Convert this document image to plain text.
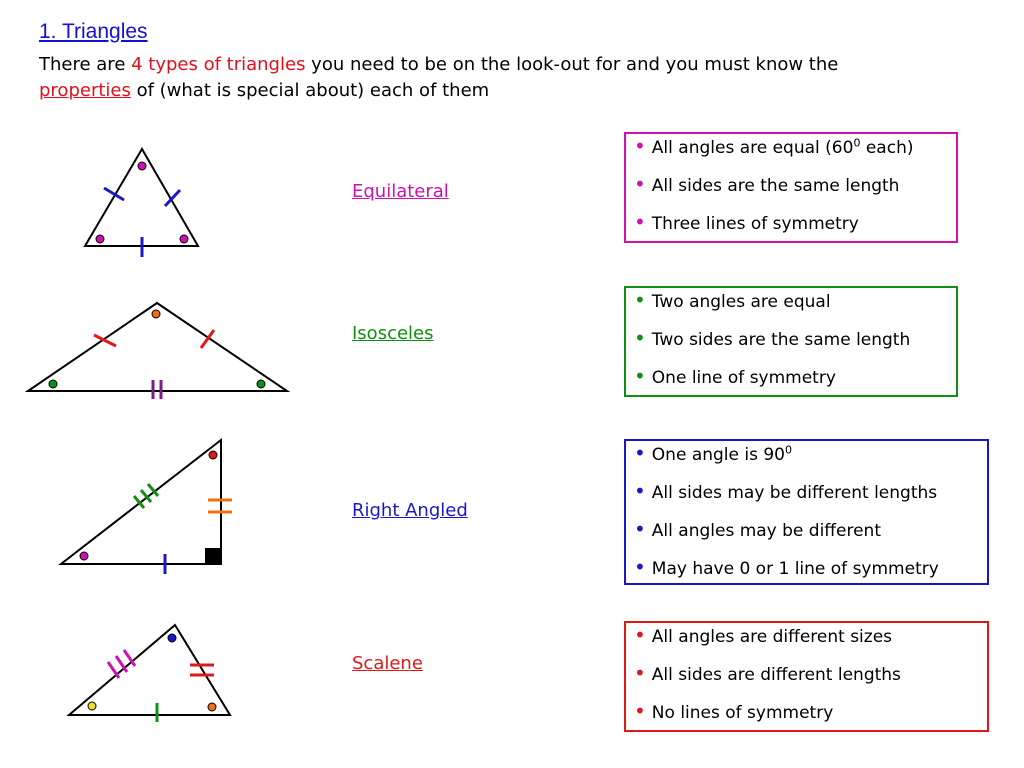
1. Triangles

There are 4 types of triangles you need to be on the look-out for and you must know the
properties of (what is special about) each of them

Equilateral
Isosceles
Right Angled
Scalene
• All angles are equal ($60^0$ each)
• All sides are the same length
• Three lines of symmetry
• Two angles are equal
• Two sides are the same length
• One line of symmetry
• One angle is $90^0$
• All sides may be different lengths
• All angles may be different
• May have 0 or 1 line of symmetry
• All angles are different sizes
• All sides are different lengths
• No lines of symmetry
